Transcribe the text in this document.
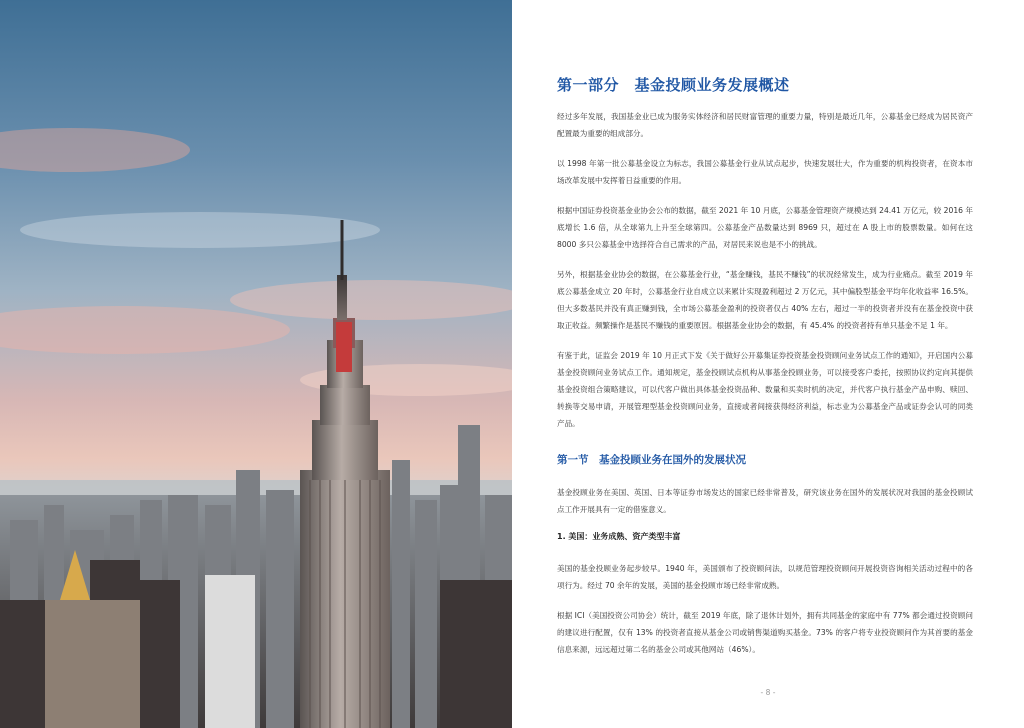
第一部分　基金投顾业务发展概述

经过多年发展，我国基金业已成为服务实体经济和居民财富管理的重要力量，特别是最近几年，公募基金已经成为居民资产配置最为重要的组成部分。

以 1998 年第一批公募基金设立为标志，我国公募基金行业从试点起步，快速发展壮大，作为重要的机构投资者，在资本市场改革发展中发挥着日益重要的作用。

根据中国证券投资基金业协会公布的数据，截至 2021 年 10 月底，公募基金管理资产规模达到 24.41 万亿元，较 2016 年底增长 1.6 倍，从全球第九上升至全球第四。公募基金产品数量达到 8969 只，超过在 A 股上市的股票数量。如何在这 8000 多只公募基金中选择符合自己需求的产品，对居民来说也是不小的挑战。

另外，根据基金业协会的数据，在公募基金行业，“基金赚钱，基民不赚钱”的状况经常发生，成为行业痛点。截至 2019 年底公募基金成立 20 年时，公募基金行业自成立以来累计实现盈利超过 2 万亿元，其中偏股型基金平均年化收益率 16.5%。但大多数基民并没有真正赚到钱，全市场公募基金盈利的投资者仅占 40% 左右，超过一半的投资者并没有在基金投资中获取正收益。频繁操作是基民不赚钱的重要原因。根据基金业协会的数据，有 45.4% 的投资者持有单只基金不足 1 年。

有鉴于此，证监会 2019 年 10 月正式下发《关于做好公开募集证券投资基金投资顾问业务试点工作的通知》，开启国内公募基金投资顾问业务试点工作。通知规定，基金投顾试点机构从事基金投顾业务，可以接受客户委托，按照协议约定向其提供基金投资组合策略建议，可以代客户做出具体基金投资品种、数量和买卖时机的决定，并代客户执行基金产品申购、赎回、转换等交易申请，开展管理型基金投资顾问业务，直接或者间接获得经济利益，标志业为公募基金产品或证券会认可的同类产品。

第一节　基金投顾业务在国外的发展状况

基金投顾业务在美国、英国、日本等证券市场发达的国家已经非常普及，研究该业务在国外的发展状况对我国的基金投顾试点工作开展具有一定的借鉴意义。

1. 美国：业务成熟、资产类型丰富

美国的基金投顾业务起步较早。1940 年，美国颁布了投资顾问法，以规范管理投资顾问开展投资咨询相关活动过程中的各项行为。经过 70 余年的发展，美国的基金投顾市场已经非常成熟。

根据 ICI（美国投资公司协会）统计，截至 2019 年底，除了退休计划外，拥有共同基金的家庭中有 77% 都会通过投资顾问的建议进行配置，仅有 13% 的投资者直接从基金公司或销售渠道购买基金。73% 的客户将专业投资顾问作为其首要的基金信息来源，远远超过第二名的基金公司或其他网站（46%）。

- 8 -
